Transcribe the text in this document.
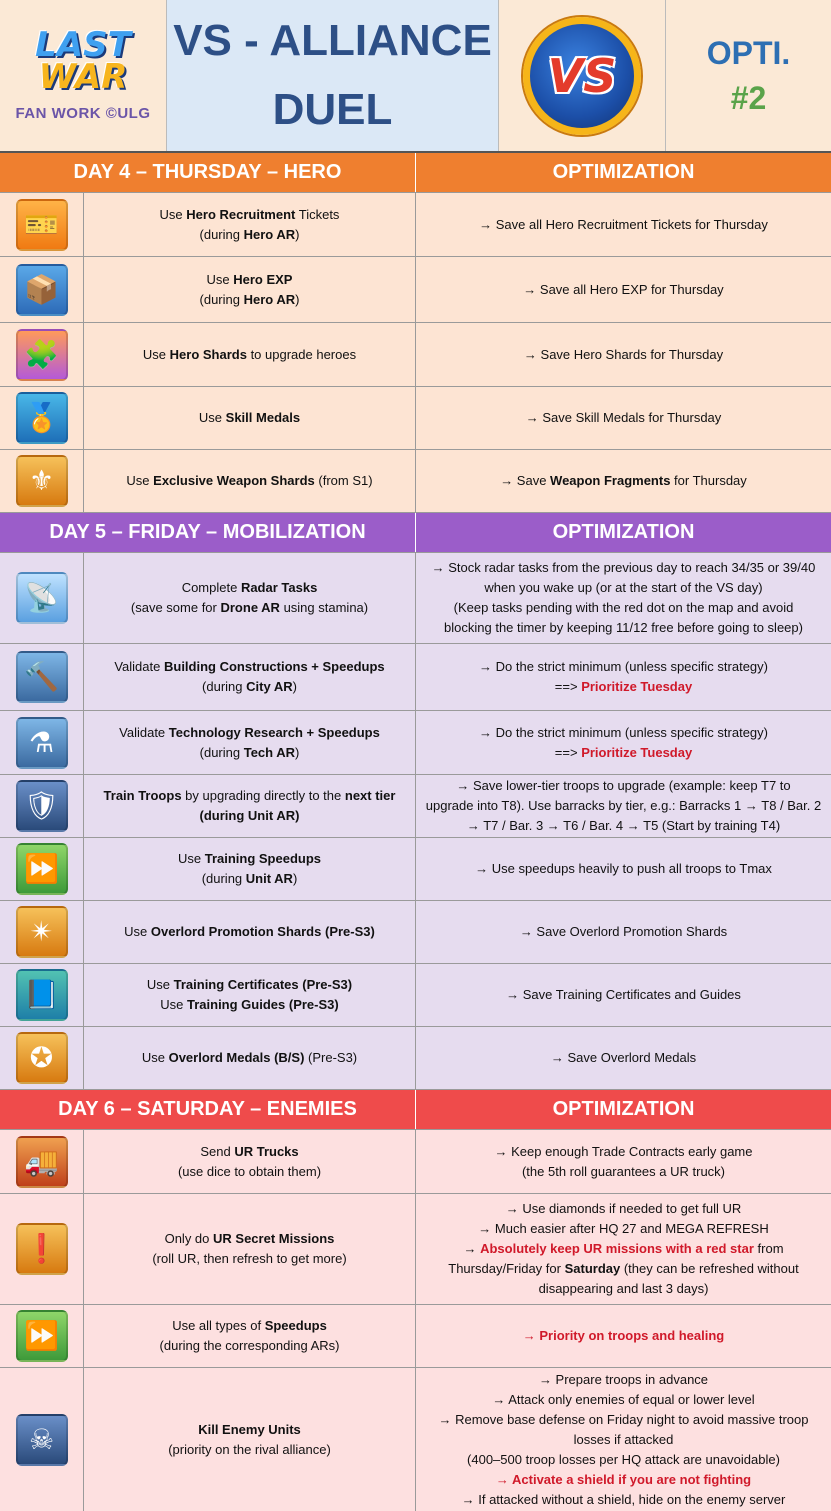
LAST
WAR
FAN WORK ©ULG
VS - ALLIANCE
DUEL
VS	OPTI.
#2
DAY 4 – THURSDAY – HERO	OPTIMIZATION
🎫	Use Hero Recruitment Tickets
(during Hero AR)
→ Save all Hero Recruitment Tickets for Thursday
📦	Use Hero EXP
(during Hero AR)
→ Save all Hero EXP for Thursday
🧩	Use Hero Shards to upgrade heroes	→ Save Hero Shards for Thursday
🏅	Use Skill Medals	→ Save Skill Medals for Thursday
⚜	Use Exclusive Weapon Shards (from S1)	→ Save Weapon Fragments for Thursday
DAY 5 – FRIDAY – MOBILIZATION	OPTIMIZATION
📡	Complete Radar Tasks
(save some for Drone AR using stamina)
→ Stock radar tasks from the previous day to reach 34/35 or 39/40
when you wake up (or at the start of the VS day)
(Keep tasks pending with the red dot on the map and avoid
blocking the timer by keeping 11/12 free before going to sleep)
🔨	Validate Building Constructions + Speedups
(during City AR)
→ Do the strict minimum (unless specific strategy)
==> Prioritize Tuesday
⚗	Validate Technology Research + Speedups
(during Tech AR)
→ Do the strict minimum (unless specific strategy)
==> Prioritize Tuesday
🛡	Train Troops by upgrading directly to the next tier
(during Unit AR)
→ Save lower-tier troops to upgrade (example: keep T7 to
upgrade into T8). Use barracks by tier, e.g.: Barracks 1 → T8 / Bar. 2
→ T7 / Bar. 3 → T6 / Bar. 4 → T5 (Start by training T4)
⏩	Use Training Speedups
(during Unit AR)
→ Use speedups heavily to push all troops to Tmax
✴	Use Overlord Promotion Shards (Pre-S3)	→ Save Overlord Promotion Shards
📘	Use Training Certificates (Pre-S3)
Use Training Guides (Pre-S3)
→ Save Training Certificates and Guides
✪	Use Overlord Medals (B/S) (Pre-S3)	→ Save Overlord Medals
DAY 6 – SATURDAY – ENEMIES	OPTIMIZATION
🚚	Send UR Trucks
(use dice to obtain them)
→ Keep enough Trade Contracts early game
(the 5th roll guarantees a UR truck)
❗	Only do UR Secret Missions
(roll UR, then refresh to get more)
→ Use diamonds if needed to get full UR
→ Much easier after HQ 27 and MEGA REFRESH
→ Absolutely keep UR missions with a red star from
Thursday/Friday for Saturday (they can be refreshed without
disappearing and last 3 days)
⏩	Use all types of Speedups
(during the corresponding ARs)
→ Priority on troops and healing
☠	Kill Enemy Units
(priority on the rival alliance)
→ Prepare troops in advance
→ Attack only enemies of equal or lower level
→ Remove base defense on Friday night to avoid massive troop
losses if attacked
(400–500 troop losses per HQ attack are unavoidable)
→ Activate a shield if you are not fighting
→ If attacked without a shield, hide on the enemy server
